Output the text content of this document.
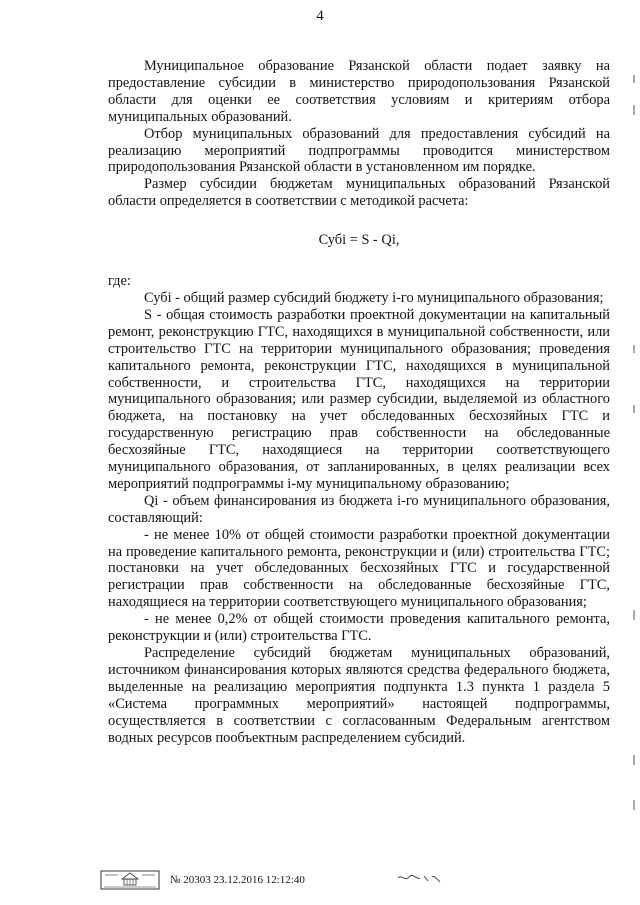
4

Муниципальное образование Рязанской области подает заявку на предоставление субсидии в министерство природопользования Рязанской области для оценки ее соответствия условиям и критериям отбора муниципальных образований.

Отбор муниципальных образований для предоставления субсидий на реализацию мероприятий подпрограммы проводится министерством природопользования Рязанской области в установленном им порядке.

Размер субсидии бюджетам муниципальных образований Рязанской области определяется в соответствии с методикой расчета:

Субi = S - Qi,

где:

Субi - общий размер субсидий бюджету i-го муниципального образования;

S - общая стоимость разработки проектной документации на капитальный ремонт, реконструкцию ГТС, находящихся в муниципальной собственности, или строительство ГТС на территории муниципального образования; проведения капитального ремонта, реконструкции ГТС, находящихся в муниципальной собственности, и строительства ГТС, находящихся на территории муниципального образования; или размер субсидии, выделяемой из областного бюджета, на постановку на учет обследованных бесхозяйных ГТС и государственную регистрацию прав собственности на обследованные бесхозяйные ГТС, находящиеся на территории соответствующего муниципального образования, от запланированных, в целях реализации всех мероприятий подпрограммы i-му муниципальному образованию;

Qi - объем финансирования из бюджета i-го муниципального образования, составляющий:

- не менее 10% от общей стоимости разработки проектной документации на проведение капитального ремонта, реконструкции и (или) строительства ГТС; постановки на учет обследованных бесхозяйных ГТС и государственной регистрации прав собственности на обследованные бесхозяйные ГТС, находящиеся на территории соответствующего муниципального образования;

- не менее 0,2% от общей стоимости проведения капитального ремонта, реконструкции и (или) строительства ГТС.

Распределение субсидий бюджетам муниципальных образований, источником финансирования которых являются средства федерального бюджета, выделенные на реализацию мероприятия подпункта 1.3 пункта 1 раздела 5 «Система программных мероприятий» настоящей подпрограммы, осуществляется в соответствии с согласованным Федеральным агентством водных ресурсов пообъектным распределением субсидий.

№ 20303 23.12.2016 12:12:40
